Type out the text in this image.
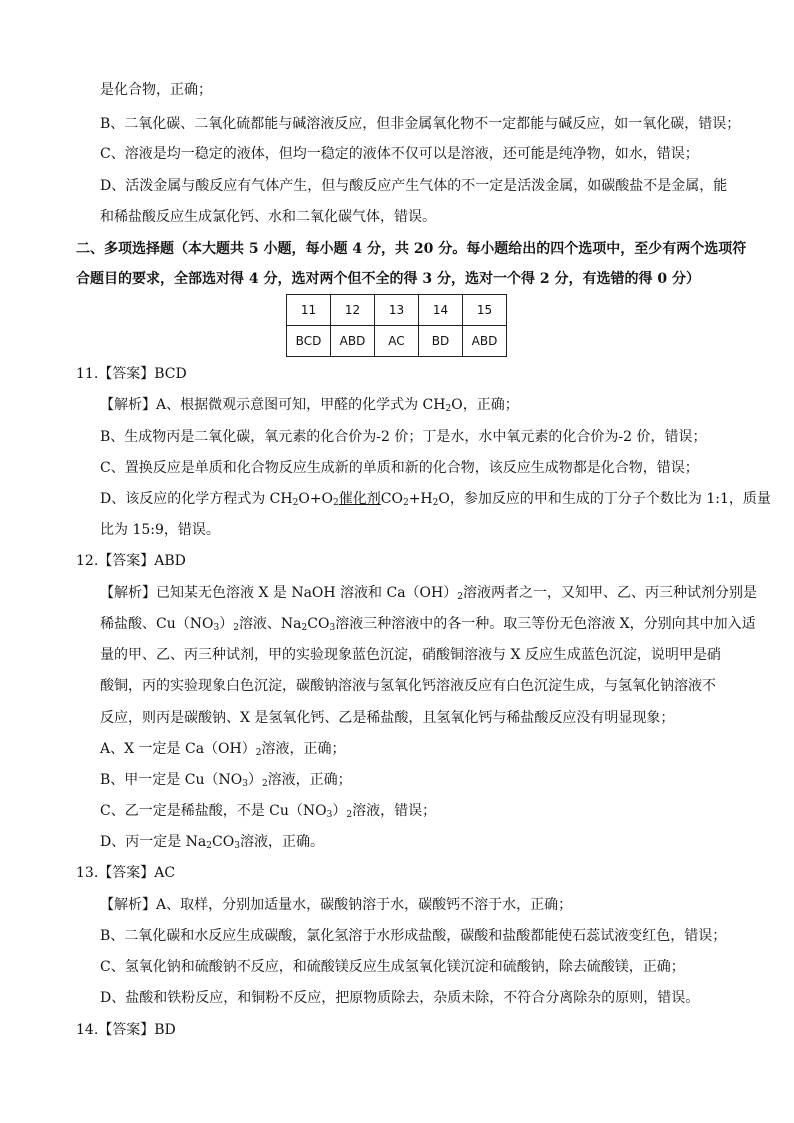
是化合物，正确；
B、二氧化碳、二氧化硫都能与碱溶液反应，但非金属氧化物不一定都能与碱反应，如一氧化碳，错误；
C、溶液是均一稳定的液体，但均一稳定的液体不仅可以是溶液，还可能是纯净物，如水，错误；
D、活泼金属与酸反应有气体产生，但与酸反应产生气体的不一定是活泼金属，如碳酸盐不是金属，能
和稀盐酸反应生成氯化钙、水和二氧化碳气体，错误。
二、多项选择题（本大题共 5 小题，每小题 4 分，共 20 分。每小题给出的四个选项中，至少有两个选项符
合题目的要求，全部选对得 4 分，选对两个但不全的得 3 分，选对一个得 2 分，有选错的得 0 分）
11	12	13	14	15
BCD	ABD	AC	BD	ABD
11.【答案】BCD
【解析】A、根据微观示意图可知，甲醛的化学式为 $CH_2O$，正确；
B、生成物丙是二氧化碳，氧元素的化合价为-2 价；丁是水，水中氧元素的化合价为-2 价，错误；
C、置换反应是单质和化合物反应生成新的单质和新的化合物，该反应生成物都是化合物，错误；
D、该反应的化学方程式为 $CH_2O+O_2$催化剂$CO_2+H_2O$，参加反应的甲和生成的丁分子个数比为 1:1，质量
比为 15:9，错误。
12.【答案】ABD
【解析】已知某无色溶液 X 是 NaOH 溶液和 $Ca(OH)_2$溶液两者之一，又知甲、乙、丙三种试剂分别是
稀盐酸、$Cu(NO_3)_2$溶液、$Na_2CO_3$溶液三种溶液中的各一种。取三等份无色溶液 X，分别向其中加入适
量的甲、乙、丙三种试剂，甲的实验现象蓝色沉淀，硝酸铜溶液与 X 反应生成蓝色沉淀，说明甲是硝
酸铜，丙的实验现象白色沉淀，碳酸钠溶液与氢氧化钙溶液反应有白色沉淀生成，与氢氧化钠溶液不
反应，则丙是碳酸钠、X 是氢氧化钙、乙是稀盐酸，且氢氧化钙与稀盐酸反应没有明显现象；
A、X 一定是 $Ca(OH)_2$溶液，正确；
B、甲一定是 $Cu(NO_3)_2$溶液，正确；
C、乙一定是稀盐酸，不是 $Cu(NO_3)_2$溶液，错误；
D、丙一定是 $Na_2CO_3$溶液，正确。
13.【答案】AC
【解析】A、取样，分别加适量水，碳酸钠溶于水，碳酸钙不溶于水，正确；
B、二氧化碳和水反应生成碳酸，氯化氢溶于水形成盐酸，碳酸和盐酸都能使石蕊试液变红色，错误；
C、氢氧化钠和硫酸钠不反应，和硫酸镁反应生成氢氧化镁沉淀和硫酸钠，除去硫酸镁，正确；
D、盐酸和铁粉反应，和铜粉不反应，把原物质除去，杂质未除，不符合分离除杂的原则，错误。
14.【答案】BD
